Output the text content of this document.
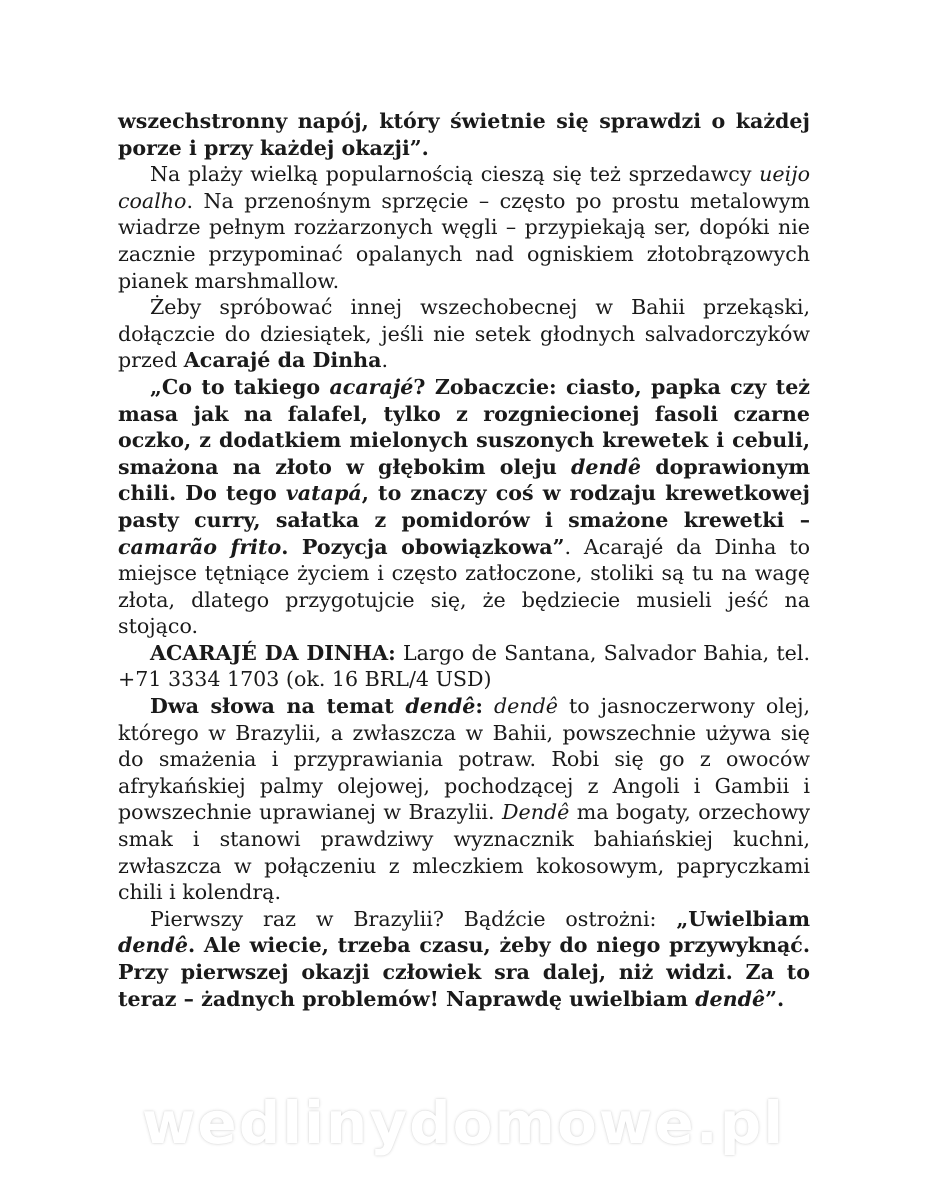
wszechstronny napój, który świetnie się sprawdzi o każdej porze i przy każdej okazji”.

Na plaży wielką popularnością cieszą się też sprzedawcy ueijo coalho. Na przenośnym sprzęcie – często po prostu metalowym wiadrze pełnym rozżarzonych węgli – przypiekają ser, dopóki nie zacznie przypominać opalanych nad ogniskiem złotobrązowych pianek marshmallow.

Żeby spróbować innej wszechobecnej w Bahii przekąski, dołączcie do dziesiątek, jeśli nie setek głodnych salvadorczyków przed Acarajé da Dinha.

„Co to takiego acarajé? Zobaczcie: ciasto, papka czy też masa jak na falafel, tylko z rozgniecionej fasoli czarne oczko, z dodatkiem mielonych suszonych krewetek i cebuli, smażona na złoto w głębokim oleju dendê doprawionym chili. Do tego vatapá, to znaczy coś w rodzaju krewetkowej pasty curry, sałatka z pomidorów i smażone krewetki – camarão frito. Pozycja obowiązkowa”. Acarajé da Dinha to miejsce tętniące życiem i często zatłoczone, stoliki są tu na wagę złota, dlatego przygotujcie się, że będziecie musieli jeść na stojąco.

ACARAJÉ DA DINHA: Largo de Santana, Salvador Bahia, tel. +71 3334 1703 (ok. 16 BRL/4 USD)

Dwa słowa na temat dendê: dendê to jasnoczerwony olej, którego w Brazylii, a zwłaszcza w Bahii, powszechnie używa się do smażenia i przyprawiania potraw. Robi się go z owoców afrykańskiej palmy olejowej, pochodzącej z Angoli i Gambii i powszechnie uprawianej w Brazylii. Dendê ma bogaty, orzechowy smak i stanowi prawdziwy wyznacznik bahiańskiej kuchni, zwłaszcza w połączeniu z mleczkiem kokosowym, papryczkami chili i kolendrą.

Pierwszy raz w Brazylii? Bądźcie ostrożni: „Uwielbiam dendê. Ale wiecie, trzeba czasu, żeby do niego przywyknąć. Przy pierwszej okazji człowiek sra dalej, niż widzi. Za to teraz – żadnych problemów! Naprawdę uwielbiam dendê”.

wedlinydomowe.pl
